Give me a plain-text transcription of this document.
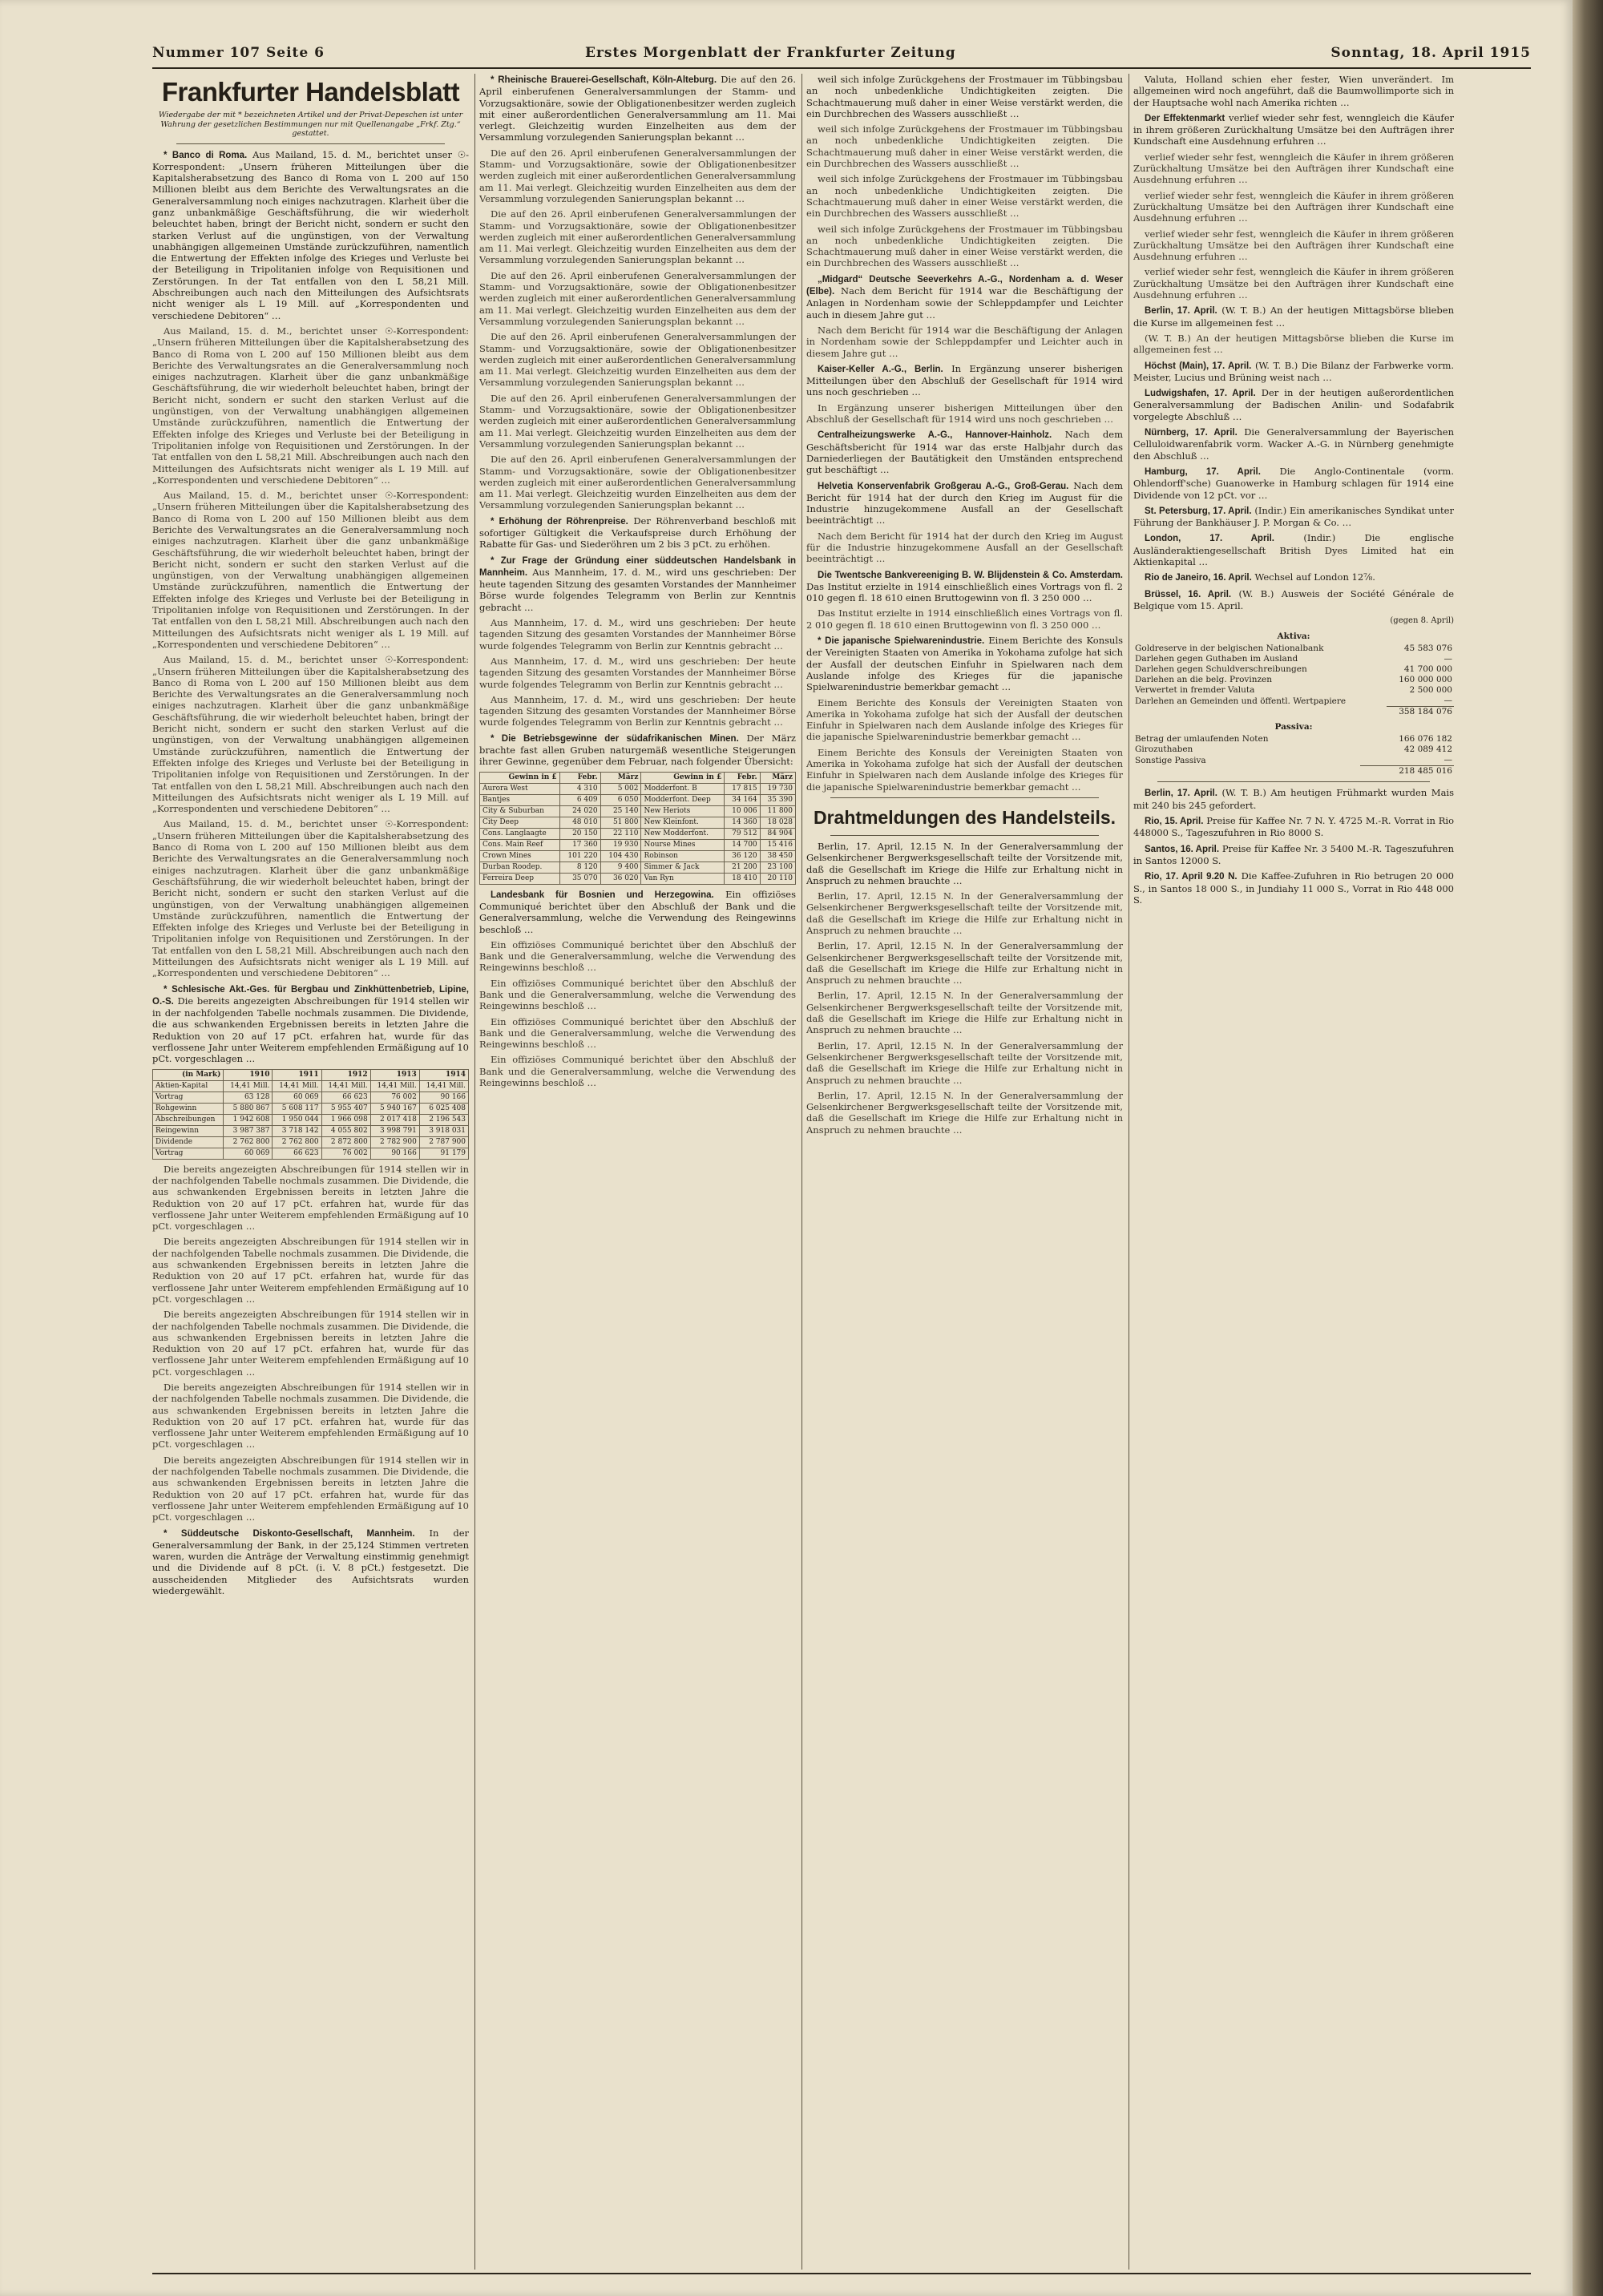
Nummer 107 Seite 6	Erstes Morgenblatt der Frankfurter Zeitung	Sonntag, 18. April 1915
Frankfurter Handelsblatt
Wiedergabe der mit * bezeichneten Artikel und der Privat-Depeschen ist unter Wahrung der gesetzlichen Bestimmungen nur mit Quellenangabe „Frkf. Ztg.“ gestattet.

* Banco di Roma. Aus Mailand, 15. d. M., berichtet unser ☉-Korrespondent: „Unsern früheren Mitteilungen über die Kapitalsherabsetzung des Banco di Roma von L 200 auf 150 Millionen bleibt aus dem Berichte des Verwaltungsrates an die Generalversammlung noch einiges nachzutragen. Klarheit über die ganz unbankmäßige Geschäftsführung, die wir wiederholt beleuchtet haben, bringt der Bericht nicht, sondern er sucht den starken Verlust auf die ungünstigen, von der Verwaltung unabhängigen allgemeinen Umstände zurückzuführen, namentlich die Entwertung der Effekten infolge des Krieges und Verluste bei der Beteiligung in Tripolitanien infolge von Requisitionen und Zerstörungen. In der Tat entfallen von den L 58,21 Mill. Abschreibungen auch nach den Mitteilungen des Aufsichtsrats nicht weniger als L 19 Mill. auf „Korrespondenten und verschiedene Debitoren“ …

Aus Mailand, 15. d. M., berichtet unser ☉-Korrespondent: „Unsern früheren Mitteilungen über die Kapitalsherabsetzung des Banco di Roma von L 200 auf 150 Millionen bleibt aus dem Berichte des Verwaltungsrates an die Generalversammlung noch einiges nachzutragen. Klarheit über die ganz unbankmäßige Geschäftsführung, die wir wiederholt beleuchtet haben, bringt der Bericht nicht, sondern er sucht den starken Verlust auf die ungünstigen, von der Verwaltung unabhängigen allgemeinen Umstände zurückzuführen, namentlich die Entwertung der Effekten infolge des Krieges und Verluste bei der Beteiligung in Tripolitanien infolge von Requisitionen und Zerstörungen. In der Tat entfallen von den L 58,21 Mill. Abschreibungen auch nach den Mitteilungen des Aufsichtsrats nicht weniger als L 19 Mill. auf „Korrespondenten und verschiedene Debitoren“ …

Aus Mailand, 15. d. M., berichtet unser ☉-Korrespondent: „Unsern früheren Mitteilungen über die Kapitalsherabsetzung des Banco di Roma von L 200 auf 150 Millionen bleibt aus dem Berichte des Verwaltungsrates an die Generalversammlung noch einiges nachzutragen. Klarheit über die ganz unbankmäßige Geschäftsführung, die wir wiederholt beleuchtet haben, bringt der Bericht nicht, sondern er sucht den starken Verlust auf die ungünstigen, von der Verwaltung unabhängigen allgemeinen Umstände zurückzuführen, namentlich die Entwertung der Effekten infolge des Krieges und Verluste bei der Beteiligung in Tripolitanien infolge von Requisitionen und Zerstörungen. In der Tat entfallen von den L 58,21 Mill. Abschreibungen auch nach den Mitteilungen des Aufsichtsrats nicht weniger als L 19 Mill. auf „Korrespondenten und verschiedene Debitoren“ …

Aus Mailand, 15. d. M., berichtet unser ☉-Korrespondent: „Unsern früheren Mitteilungen über die Kapitalsherabsetzung des Banco di Roma von L 200 auf 150 Millionen bleibt aus dem Berichte des Verwaltungsrates an die Generalversammlung noch einiges nachzutragen. Klarheit über die ganz unbankmäßige Geschäftsführung, die wir wiederholt beleuchtet haben, bringt der Bericht nicht, sondern er sucht den starken Verlust auf die ungünstigen, von der Verwaltung unabhängigen allgemeinen Umstände zurückzuführen, namentlich die Entwertung der Effekten infolge des Krieges und Verluste bei der Beteiligung in Tripolitanien infolge von Requisitionen und Zerstörungen. In der Tat entfallen von den L 58,21 Mill. Abschreibungen auch nach den Mitteilungen des Aufsichtsrats nicht weniger als L 19 Mill. auf „Korrespondenten und verschiedene Debitoren“ …

Aus Mailand, 15. d. M., berichtet unser ☉-Korrespondent: „Unsern früheren Mitteilungen über die Kapitalsherabsetzung des Banco di Roma von L 200 auf 150 Millionen bleibt aus dem Berichte des Verwaltungsrates an die Generalversammlung noch einiges nachzutragen. Klarheit über die ganz unbankmäßige Geschäftsführung, die wir wiederholt beleuchtet haben, bringt der Bericht nicht, sondern er sucht den starken Verlust auf die ungünstigen, von der Verwaltung unabhängigen allgemeinen Umstände zurückzuführen, namentlich die Entwertung der Effekten infolge des Krieges und Verluste bei der Beteiligung in Tripolitanien infolge von Requisitionen und Zerstörungen. In der Tat entfallen von den L 58,21 Mill. Abschreibungen auch nach den Mitteilungen des Aufsichtsrats nicht weniger als L 19 Mill. auf „Korrespondenten und verschiedene Debitoren“ …

* Schlesische Akt.-Ges. für Bergbau und Zinkhüttenbetrieb, Lipine, O.-S. Die bereits angezeigten Abschreibungen für 1914 stellen wir in der nachfolgenden Tabelle nochmals zusammen. Die Dividende, die aus schwankenden Ergebnissen bereits in letzten Jahre die Reduktion von 20 auf 17 pCt. erfahren hat, wurde für das verflossene Jahr unter Weiterem empfehlenden Ermäßigung auf 10 pCt. vorgeschlagen …

(in Mark)	1910	1911	1912	1913	1914
Aktien-Kapital	14,41 Mill.	14,41 Mill.	14,41 Mill.	14,41 Mill.	14,41 Mill.
Vortrag	63 128	60 069	66 623	76 002	90 166
Rohgewinn	5 880 867	5 608 117	5 955 407	5 940 167	6 025 408
Abschreibungen	1 942 608	1 950 044	1 966 098	2 017 418	2 196 543
Reingewinn	3 987 387	3 718 142	4 055 802	3 998 791	3 918 031
Dividende	2 762 800	2 762 800	2 872 800	2 782 900	2 787 900
Vortrag	60 069	66 623	76 002	90 166	91 179

Die bereits angezeigten Abschreibungen für 1914 stellen wir in der nachfolgenden Tabelle nochmals zusammen. Die Dividende, die aus schwankenden Ergebnissen bereits in letzten Jahre die Reduktion von 20 auf 17 pCt. erfahren hat, wurde für das verflossene Jahr unter Weiterem empfehlenden Ermäßigung auf 10 pCt. vorgeschlagen …

Die bereits angezeigten Abschreibungen für 1914 stellen wir in der nachfolgenden Tabelle nochmals zusammen. Die Dividende, die aus schwankenden Ergebnissen bereits in letzten Jahre die Reduktion von 20 auf 17 pCt. erfahren hat, wurde für das verflossene Jahr unter Weiterem empfehlenden Ermäßigung auf 10 pCt. vorgeschlagen …

Die bereits angezeigten Abschreibungen für 1914 stellen wir in der nachfolgenden Tabelle nochmals zusammen. Die Dividende, die aus schwankenden Ergebnissen bereits in letzten Jahre die Reduktion von 20 auf 17 pCt. erfahren hat, wurde für das verflossene Jahr unter Weiterem empfehlenden Ermäßigung auf 10 pCt. vorgeschlagen …

Die bereits angezeigten Abschreibungen für 1914 stellen wir in der nachfolgenden Tabelle nochmals zusammen. Die Dividende, die aus schwankenden Ergebnissen bereits in letzten Jahre die Reduktion von 20 auf 17 pCt. erfahren hat, wurde für das verflossene Jahr unter Weiterem empfehlenden Ermäßigung auf 10 pCt. vorgeschlagen …

Die bereits angezeigten Abschreibungen für 1914 stellen wir in der nachfolgenden Tabelle nochmals zusammen. Die Dividende, die aus schwankenden Ergebnissen bereits in letzten Jahre die Reduktion von 20 auf 17 pCt. erfahren hat, wurde für das verflossene Jahr unter Weiterem empfehlenden Ermäßigung auf 10 pCt. vorgeschlagen …

* Süddeutsche Diskonto-Gesellschaft, Mannheim. In der Generalversammlung der Bank, in der 25,124 Stimmen vertreten waren, wurden die Anträge der Verwaltung einstimmig genehmigt und die Dividende auf 8 pCt. (i. V. 8 pCt.) festgesetzt. Die ausscheidenden Mitglieder des Aufsichtsrats wurden wiedergewählt.

* Rheinische Brauerei-Gesellschaft, Köln-Alteburg. Die auf den 26. April einberufenen Generalversammlungen der Stamm- und Vorzugsaktionäre, sowie der Obligationenbesitzer werden zugleich mit einer außerordentlichen Generalversammlung am 11. Mai verlegt. Gleichzeitig wurden Einzelheiten aus dem der Versammlung vorzulegenden Sanierungsplan bekannt …

Die auf den 26. April einberufenen Generalversammlungen der Stamm- und Vorzugsaktionäre, sowie der Obligationenbesitzer werden zugleich mit einer außerordentlichen Generalversammlung am 11. Mai verlegt. Gleichzeitig wurden Einzelheiten aus dem der Versammlung vorzulegenden Sanierungsplan bekannt …

Die auf den 26. April einberufenen Generalversammlungen der Stamm- und Vorzugsaktionäre, sowie der Obligationenbesitzer werden zugleich mit einer außerordentlichen Generalversammlung am 11. Mai verlegt. Gleichzeitig wurden Einzelheiten aus dem der Versammlung vorzulegenden Sanierungsplan bekannt …

Die auf den 26. April einberufenen Generalversammlungen der Stamm- und Vorzugsaktionäre, sowie der Obligationenbesitzer werden zugleich mit einer außerordentlichen Generalversammlung am 11. Mai verlegt. Gleichzeitig wurden Einzelheiten aus dem der Versammlung vorzulegenden Sanierungsplan bekannt …

Die auf den 26. April einberufenen Generalversammlungen der Stamm- und Vorzugsaktionäre, sowie der Obligationenbesitzer werden zugleich mit einer außerordentlichen Generalversammlung am 11. Mai verlegt. Gleichzeitig wurden Einzelheiten aus dem der Versammlung vorzulegenden Sanierungsplan bekannt …

Die auf den 26. April einberufenen Generalversammlungen der Stamm- und Vorzugsaktionäre, sowie der Obligationenbesitzer werden zugleich mit einer außerordentlichen Generalversammlung am 11. Mai verlegt. Gleichzeitig wurden Einzelheiten aus dem der Versammlung vorzulegenden Sanierungsplan bekannt …

Die auf den 26. April einberufenen Generalversammlungen der Stamm- und Vorzugsaktionäre, sowie der Obligationenbesitzer werden zugleich mit einer außerordentlichen Generalversammlung am 11. Mai verlegt. Gleichzeitig wurden Einzelheiten aus dem der Versammlung vorzulegenden Sanierungsplan bekannt …

* Erhöhung der Röhrenpreise. Der Röhrenverband beschloß mit sofortiger Gültigkeit die Verkaufspreise durch Erhöhung der Rabatte für Gas- und Siederöhren um 2 bis 3 pCt. zu erhöhen.

* Zur Frage der Gründung einer süddeutschen Handelsbank in Mannheim. Aus Mannheim, 17. d. M., wird uns geschrieben: Der heute tagenden Sitzung des gesamten Vorstandes der Mannheimer Börse wurde folgendes Telegramm von Berlin zur Kenntnis gebracht …

Aus Mannheim, 17. d. M., wird uns geschrieben: Der heute tagenden Sitzung des gesamten Vorstandes der Mannheimer Börse wurde folgendes Telegramm von Berlin zur Kenntnis gebracht …

Aus Mannheim, 17. d. M., wird uns geschrieben: Der heute tagenden Sitzung des gesamten Vorstandes der Mannheimer Börse wurde folgendes Telegramm von Berlin zur Kenntnis gebracht …

Aus Mannheim, 17. d. M., wird uns geschrieben: Der heute tagenden Sitzung des gesamten Vorstandes der Mannheimer Börse wurde folgendes Telegramm von Berlin zur Kenntnis gebracht …

* Die Betriebsgewinne der südafrikanischen Minen. Der März brachte fast allen Gruben naturgemäß wesentliche Steigerungen ihrer Gewinne, gegenüber dem Februar, nach folgender Übersicht:

Gewinn in £	Febr.	März	Gewinn in £	Febr.	März
Aurora West	4 310	5 002	Modderfont. B	17 815	19 730
Bantjes	6 409	6 050	Modderfont. Deep	34 164	35 390
City & Suburban	24 020	25 140	New Heriots	10 006	11 800
City Deep	48 010	51 800	New Kleinfont.	14 360	18 028
Cons. Langlaagte	20 150	22 110	New Modderfont.	79 512	84 904
Cons. Main Reef	17 360	19 930	Nourse Mines	14 700	15 416
Crown Mines	101 220	104 430	Robinson	36 120	38 450
Durban Roodep.	8 120	9 400	Simmer & Jack	21 200	23 100
Ferreira Deep	35 070	36 020	Van Ryn	18 410	20 110

Landesbank für Bosnien und Herzegowina. Ein offiziöses Communiqué berichtet über den Abschluß der Bank und die Generalversammlung, welche die Verwendung des Reingewinns beschloß …

Ein offiziöses Communiqué berichtet über den Abschluß der Bank und die Generalversammlung, welche die Verwendung des Reingewinns beschloß …

Ein offiziöses Communiqué berichtet über den Abschluß der Bank und die Generalversammlung, welche die Verwendung des Reingewinns beschloß …

Ein offiziöses Communiqué berichtet über den Abschluß der Bank und die Generalversammlung, welche die Verwendung des Reingewinns beschloß …

Ein offiziöses Communiqué berichtet über den Abschluß der Bank und die Generalversammlung, welche die Verwendung des Reingewinns beschloß …

weil sich infolge Zurückgehens der Frostmauer im Tübbingsbau an noch unbedenkliche Undichtigkeiten zeigten. Die Schachtmauerung muß daher in einer Weise verstärkt werden, die ein Durchbrechen des Wassers ausschließt …

weil sich infolge Zurückgehens der Frostmauer im Tübbingsbau an noch unbedenkliche Undichtigkeiten zeigten. Die Schachtmauerung muß daher in einer Weise verstärkt werden, die ein Durchbrechen des Wassers ausschließt …

weil sich infolge Zurückgehens der Frostmauer im Tübbingsbau an noch unbedenkliche Undichtigkeiten zeigten. Die Schachtmauerung muß daher in einer Weise verstärkt werden, die ein Durchbrechen des Wassers ausschließt …

weil sich infolge Zurückgehens der Frostmauer im Tübbingsbau an noch unbedenkliche Undichtigkeiten zeigten. Die Schachtmauerung muß daher in einer Weise verstärkt werden, die ein Durchbrechen des Wassers ausschließt …

„Midgard“ Deutsche Seeverkehrs A.-G., Nordenham a. d. Weser (Elbe). Nach dem Bericht für 1914 war die Beschäftigung der Anlagen in Nordenham sowie der Schleppdampfer und Leichter auch in diesem Jahre gut …

Nach dem Bericht für 1914 war die Beschäftigung der Anlagen in Nordenham sowie der Schleppdampfer und Leichter auch in diesem Jahre gut …

Kaiser-Keller A.-G., Berlin. In Ergänzung unserer bisherigen Mitteilungen über den Abschluß der Gesellschaft für 1914 wird uns noch geschrieben …

In Ergänzung unserer bisherigen Mitteilungen über den Abschluß der Gesellschaft für 1914 wird uns noch geschrieben …

Centralheizungswerke A.-G., Hannover-Hainholz. Nach dem Geschäftsbericht für 1914 war das erste Halbjahr durch das Darniederliegen der Bautätigkeit den Umständen entsprechend gut beschäftigt …

Helvetia Konservenfabrik Großgerau A.-G., Groß-Gerau. Nach dem Bericht für 1914 hat der durch den Krieg im August für die Industrie hinzugekommene Ausfall an der Gesellschaft beeinträchtigt …

Nach dem Bericht für 1914 hat der durch den Krieg im August für die Industrie hinzugekommene Ausfall an der Gesellschaft beeinträchtigt …

Die Twentsche Bankvereeniging B. W. Blijdenstein & Co. Amsterdam. Das Institut erzielte in 1914 einschließlich eines Vortrags von fl. 2 010 gegen fl. 18 610 einen Bruttogewinn von fl. 3 250 000 …

Das Institut erzielte in 1914 einschließlich eines Vortrags von fl. 2 010 gegen fl. 18 610 einen Bruttogewinn von fl. 3 250 000 …

* Die japanische Spielwarenindustrie. Einem Berichte des Konsuls der Vereinigten Staaten von Amerika in Yokohama zufolge hat sich der Ausfall der deutschen Einfuhr in Spielwaren nach dem Auslande infolge des Krieges für die japanische Spielwarenindustrie bemerkbar gemacht …

Einem Berichte des Konsuls der Vereinigten Staaten von Amerika in Yokohama zufolge hat sich der Ausfall der deutschen Einfuhr in Spielwaren nach dem Auslande infolge des Krieges für die japanische Spielwarenindustrie bemerkbar gemacht …

Einem Berichte des Konsuls der Vereinigten Staaten von Amerika in Yokohama zufolge hat sich der Ausfall der deutschen Einfuhr in Spielwaren nach dem Auslande infolge des Krieges für die japanische Spielwarenindustrie bemerkbar gemacht …

Drahtmeldungen des Handelsteils.

Berlin, 17. April, 12.15 N. In der Generalversammlung der Gelsenkirchener Bergwerksgesellschaft teilte der Vorsitzende mit, daß die Gesellschaft im Kriege die Hilfe zur Erhaltung nicht in Anspruch zu nehmen brauchte …

Berlin, 17. April, 12.15 N. In der Generalversammlung der Gelsenkirchener Bergwerksgesellschaft teilte der Vorsitzende mit, daß die Gesellschaft im Kriege die Hilfe zur Erhaltung nicht in Anspruch zu nehmen brauchte …

Berlin, 17. April, 12.15 N. In der Generalversammlung der Gelsenkirchener Bergwerksgesellschaft teilte der Vorsitzende mit, daß die Gesellschaft im Kriege die Hilfe zur Erhaltung nicht in Anspruch zu nehmen brauchte …

Berlin, 17. April, 12.15 N. In der Generalversammlung der Gelsenkirchener Bergwerksgesellschaft teilte der Vorsitzende mit, daß die Gesellschaft im Kriege die Hilfe zur Erhaltung nicht in Anspruch zu nehmen brauchte …

Berlin, 17. April, 12.15 N. In der Generalversammlung der Gelsenkirchener Bergwerksgesellschaft teilte der Vorsitzende mit, daß die Gesellschaft im Kriege die Hilfe zur Erhaltung nicht in Anspruch zu nehmen brauchte …

Berlin, 17. April, 12.15 N. In der Generalversammlung der Gelsenkirchener Bergwerksgesellschaft teilte der Vorsitzende mit, daß die Gesellschaft im Kriege die Hilfe zur Erhaltung nicht in Anspruch zu nehmen brauchte …

Valuta, Holland schien eher fester, Wien unverändert. Im allgemeinen wird noch angeführt, daß die Baumwollimporte sich in der Hauptsache wohl nach Amerika richten …

Der Effektenmarkt verlief wieder sehr fest, wenngleich die Käufer in ihrem größeren Zurückhaltung Umsätze bei den Aufträgen ihrer Kundschaft eine Ausdehnung erfuhren …

verlief wieder sehr fest, wenngleich die Käufer in ihrem größeren Zurückhaltung Umsätze bei den Aufträgen ihrer Kundschaft eine Ausdehnung erfuhren …

verlief wieder sehr fest, wenngleich die Käufer in ihrem größeren Zurückhaltung Umsätze bei den Aufträgen ihrer Kundschaft eine Ausdehnung erfuhren …

verlief wieder sehr fest, wenngleich die Käufer in ihrem größeren Zurückhaltung Umsätze bei den Aufträgen ihrer Kundschaft eine Ausdehnung erfuhren …

verlief wieder sehr fest, wenngleich die Käufer in ihrem größeren Zurückhaltung Umsätze bei den Aufträgen ihrer Kundschaft eine Ausdehnung erfuhren …

Berlin, 17. April. (W. T. B.) An der heutigen Mittagsbörse blieben die Kurse im allgemeinen fest …

(W. T. B.) An der heutigen Mittagsbörse blieben die Kurse im allgemeinen fest …

Höchst (Main), 17. April. (W. T. B.) Die Bilanz der Farbwerke vorm. Meister, Lucius und Brüning weist nach …

Ludwigshafen, 17. April. Der in der heutigen außerordentlichen Generalversammlung der Badischen Anilin- und Sodafabrik vorgelegte Abschluß …

Nürnberg, 17. April. Die Generalversammlung der Bayerischen Celluloidwarenfabrik vorm. Wacker A.-G. in Nürnberg genehmigte den Abschluß …

Hamburg, 17. April. Die Anglo-Continentale (vorm. Ohlendorff'sche) Guanowerke in Hamburg schlagen für 1914 eine Dividende von 12 pCt. vor …

St. Petersburg, 17. April. (Indir.) Ein amerikanisches Syndikat unter Führung der Bankhäuser J. P. Morgan & Co. …

London, 17. April.	(Indir.) Die englische Ausländeraktiengesellschaft British Dyes Limited hat ein Aktienkapital …

Rio de Janeiro, 16. April. Wechsel auf London 12⅞.

Brüssel, 16. April. (W. B.) Ausweis der Société Générale de Belgique vom 15. April.

(gegen 8. April)
Aktiva:
Goldreserve in der belgischen Nationalbank	45 583 076
Darlehen gegen Guthaben im Ausland	—
Darlehen gegen Schuldverschreibungen	41 700 000
Darlehen an die belg. Provinzen	160 000 000
Verwertet in fremder Valuta	2 500 000
Darlehen an Gemeinden und öffentl. Wertpapiere	—
	358 184 076
Passiva:
Betrag der umlaufenden Noten	166 076 182
Girozuthaben	42 089 412
Sonstige Passiva	—
	218 485 016

Berlin, 17. April. (W. T. B.) Am heutigen Frühmarkt wurden Mais mit 240 bis 245 gefordert.

Rio, 15. April. Preise für Kaffee Nr. 7 N. Y. 4725 M.-R. Vorrat in Rio 448000 S., Tageszufuhren in Rio 8000 S.

Santos, 16. April. Preise für Kaffee Nr. 3 5400 M.-R. Tageszufuhren in Santos 12000 S.

Rio, 17. April 9.20 N. Die Kaffee-Zufuhren in Rio betrugen 20 000 S., in Santos 18 000 S., in Jundiahy 11 000 S., Vorrat in Rio 448 000 S.
